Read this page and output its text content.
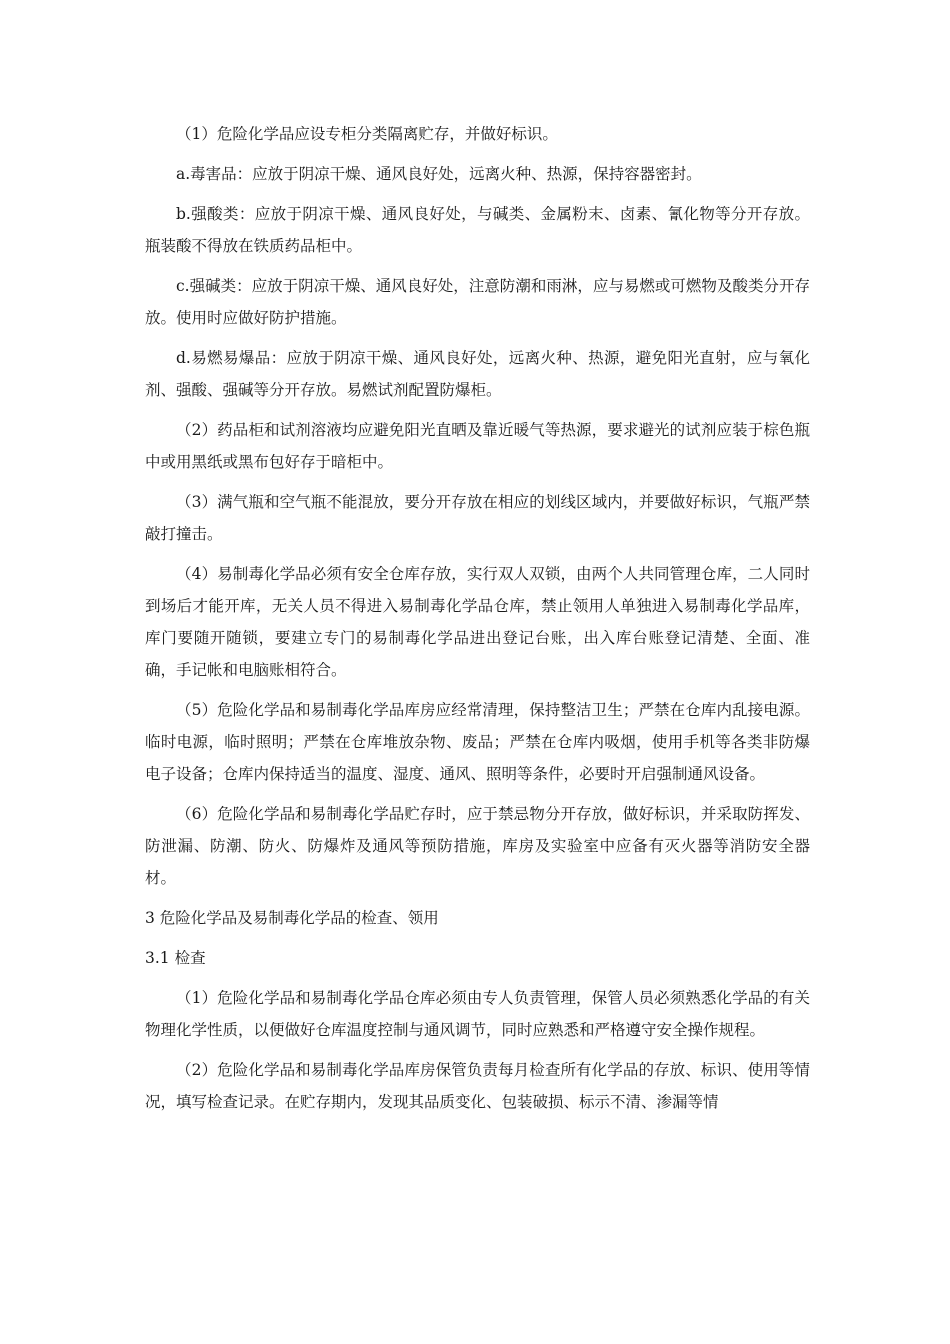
（1）危险化学品应设专柜分类隔离贮存，并做好标识。

a.毒害品：应放于阴凉干燥、通风良好处，远离火种、热源，保持容器密封。

b.强酸类：应放于阴凉干燥、通风良好处，与碱类、金属粉末、卤素、氰化物等分开存放。瓶装酸不得放在铁质药品柜中。

c.强碱类：应放于阴凉干燥、通风良好处，注意防潮和雨淋，应与易燃或可燃物及酸类分开存放。使用时应做好防护措施。

d.易燃易爆品：应放于阴凉干燥、通风良好处，远离火种、热源，避免阳光直射，应与氧化剂、强酸、强碱等分开存放。易燃试剂配置防爆柜。

（2）药品柜和试剂溶液均应避免阳光直晒及靠近暖气等热源，要求避光的试剂应装于棕色瓶中或用黑纸或黑布包好存于暗柜中。

（3）满气瓶和空气瓶不能混放，要分开存放在相应的划线区域内，并要做好标识，气瓶严禁敲打撞击。

（4）易制毒化学品必须有安全仓库存放，实行双人双锁，由两个人共同管理仓库，二人同时到场后才能开库，无关人员不得进入易制毒化学品仓库，禁止领用人单独进入易制毒化学品库，库门要随开随锁，要建立专门的易制毒化学品进出登记台账，出入库台账登记清楚、全面、准确，手记帐和电脑账相符合。

（5）危险化学品和易制毒化学品库房应经常清理，保持整洁卫生；严禁在仓库内乱接电源。临时电源，临时照明；严禁在仓库堆放杂物、废品；严禁在仓库内吸烟，使用手机等各类非防爆电子设备；仓库内保持适当的温度、湿度、通风、照明等条件，必要时开启强制通风设备。

（6）危险化学品和易制毒化学品贮存时，应于禁忌物分开存放，做好标识，并采取防挥发、防泄漏、防潮、防火、防爆炸及通风等预防措施，库房及实验室中应备有灭火器等消防安全器材。

3 危险化学品及易制毒化学品的检查、领用

3.1 检查

（1）危险化学品和易制毒化学品仓库必须由专人负责管理，保管人员必须熟悉化学品的有关物理化学性质，以便做好仓库温度控制与通风调节，同时应熟悉和严格遵守安全操作规程。

（2）危险化学品和易制毒化学品库房保管负责每月检查所有化学品的存放、标识、使用等情况，填写检查记录。在贮存期内，发现其品质变化、包装破损、标示不清、渗漏等情
